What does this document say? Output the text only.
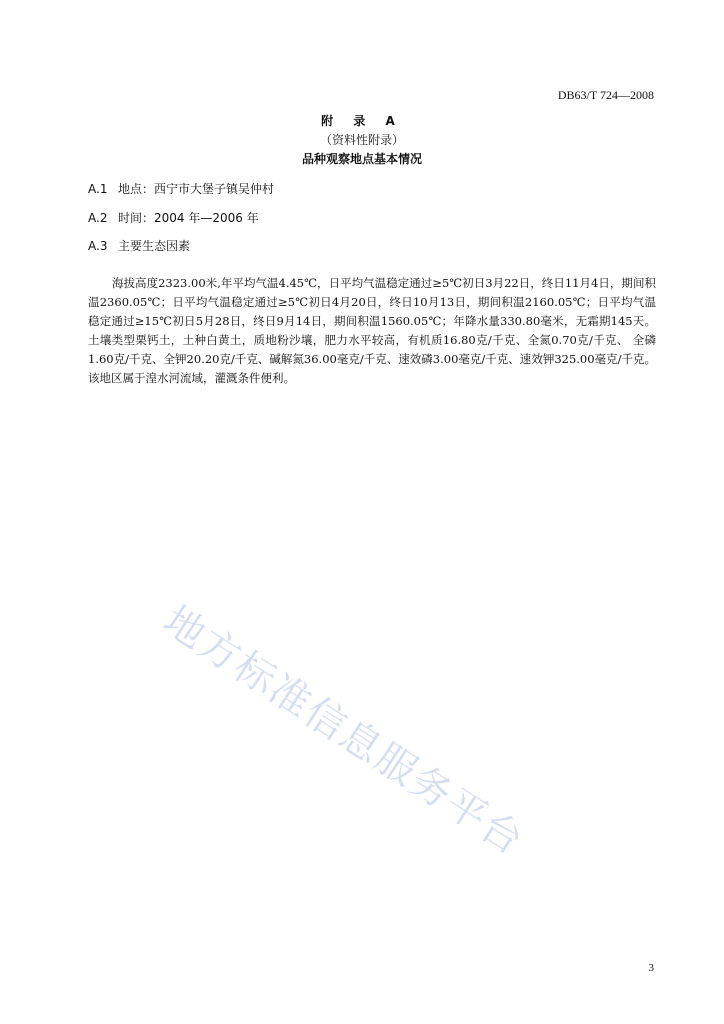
DB63/T 724—2008
附 录 A
（资料性附录）
品种观察地点基本情况
A.1 地点：西宁市大堡子镇吴仲村
A.2 时间：2004 年—2006 年
A.3 主要生态因素

海拔高度2323.00米,年平均气温4.45℃，日平均气温稳定通过≥5℃初日3月22日，终日11月4日，期间积温2360.05℃；日平均气温稳定通过≥5℃初日4月20日，终日10月13日，期间积温2160.05℃；日平均气温稳定通过≥15℃初日5月28日，终日9月14日，期间积温1560.05℃；年降水量330.80毫米，无霜期145天。土壤类型栗钙土，土种白黄土，质地粉沙壤，肥力水平较高，有机质16.80克/千克、全氮0.70克/千克、 全磷 1.60克/千克、全钾20.20克/千克、碱解氮36.00毫克/千克、速效磷3.00毫克/千克、速效钾325.00毫克/千克。该地区属于湟水河流域，灌溉条件便利。

地方标准信息服务平台
3
